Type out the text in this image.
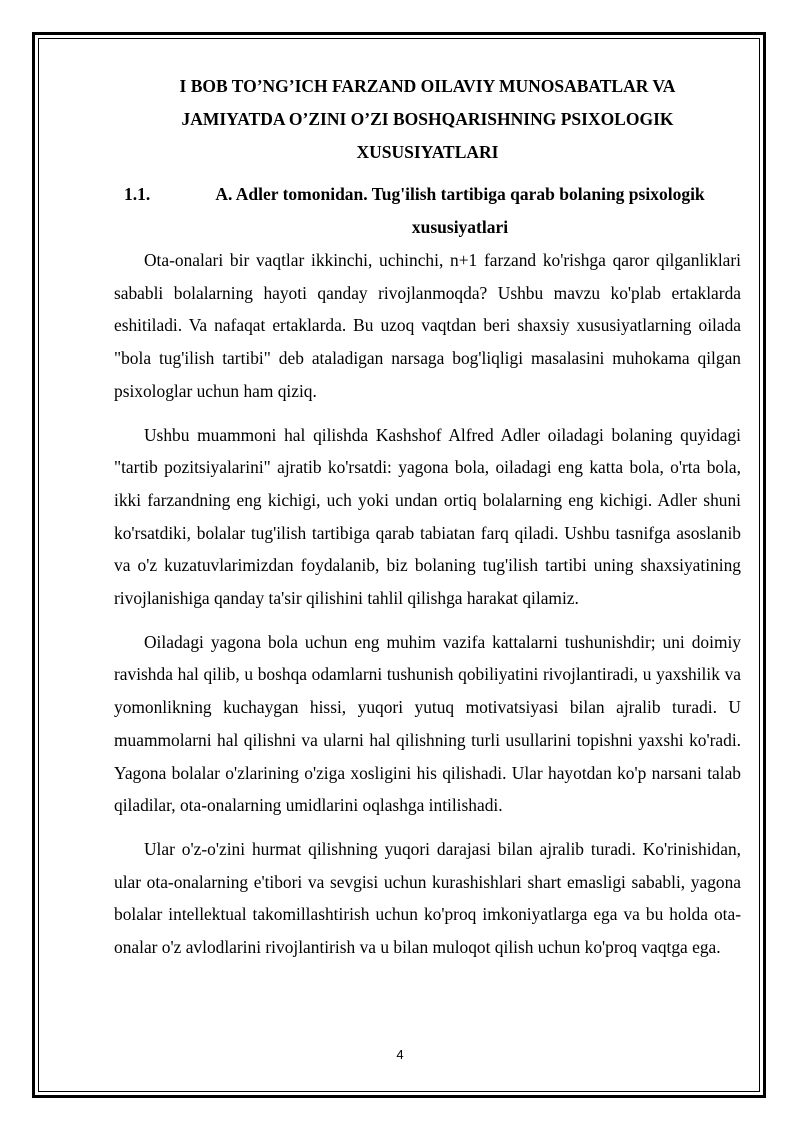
I BOB TO’NG’ICH FARZAND OILAVIY MUNOSABATLAR VA
JAMIYATDA O’ZINI O’ZI BOSHQARISHNING PSIXOLOGIK
XUSUSIYATLARI
1.1.	A. Adler tomonidan. Tug'ilish tartibiga qarab bolaning psixologik xususiyatlari

Ota-onalari bir vaqtlar ikkinchi, uchinchi, n+1 farzand ko'rishga qaror qilganliklari sababli bolalarning hayoti qanday rivojlanmoqda? Ushbu mavzu ko'plab ertaklarda eshitiladi. Va nafaqat ertaklarda. Bu uzoq vaqtdan beri shaxsiy xususiyatlarning oilada "bola tug'ilish tartibi" deb ataladigan narsaga bog'liqligi masalasini muhokama qilgan psixologlar uchun ham qiziq.

Ushbu muammoni hal qilishda Kashshof Alfred Adler oiladagi bolaning quyidagi "tartib pozitsiyalarini" ajratib ko'rsatdi: yagona bola, oiladagi eng katta bola, o'rta bola, ikki farzandning eng kichigi, uch yoki undan ortiq bolalarning eng kichigi. Adler shuni ko'rsatdiki, bolalar tug'ilish tartibiga qarab tabiatan farq qiladi. Ushbu tasnifga asoslanib va o'z kuzatuvlarimizdan foydalanib, biz bolaning tug'ilish tartibi uning shaxsiyatining rivojlanishiga qanday ta'sir qilishini tahlil qilishga harakat qilamiz.

Oiladagi yagona bola uchun eng muhim vazifa kattalarni tushunishdir; uni doimiy ravishda hal qilib, u boshqa odamlarni tushunish qobiliyatini rivojlantiradi, u yaxshilik va yomonlikning kuchaygan hissi, yuqori yutuq motivatsiyasi bilan ajralib turadi. U muammolarni hal qilishni va ularni hal qilishning turli usullarini topishni yaxshi ko'radi. Yagona bolalar o'zlarining o'ziga xosligini his qilishadi. Ular hayotdan ko'p narsani talab qiladilar, ota-onalarning umidlarini oqlashga intilishadi.

Ular o'z-o'zini hurmat qilishning yuqori darajasi bilan ajralib turadi. Ko'rinishidan, ular ota-onalarning e'tibori va sevgisi uchun kurashishlari shart emasligi sababli, yagona bolalar intellektual takomillashtirish uchun ko'proq imkoniyatlarga ega va bu holda ota-onalar o'z avlodlarini rivojlantirish va u bilan muloqot qilish uchun ko'proq vaqtga ega.

4
